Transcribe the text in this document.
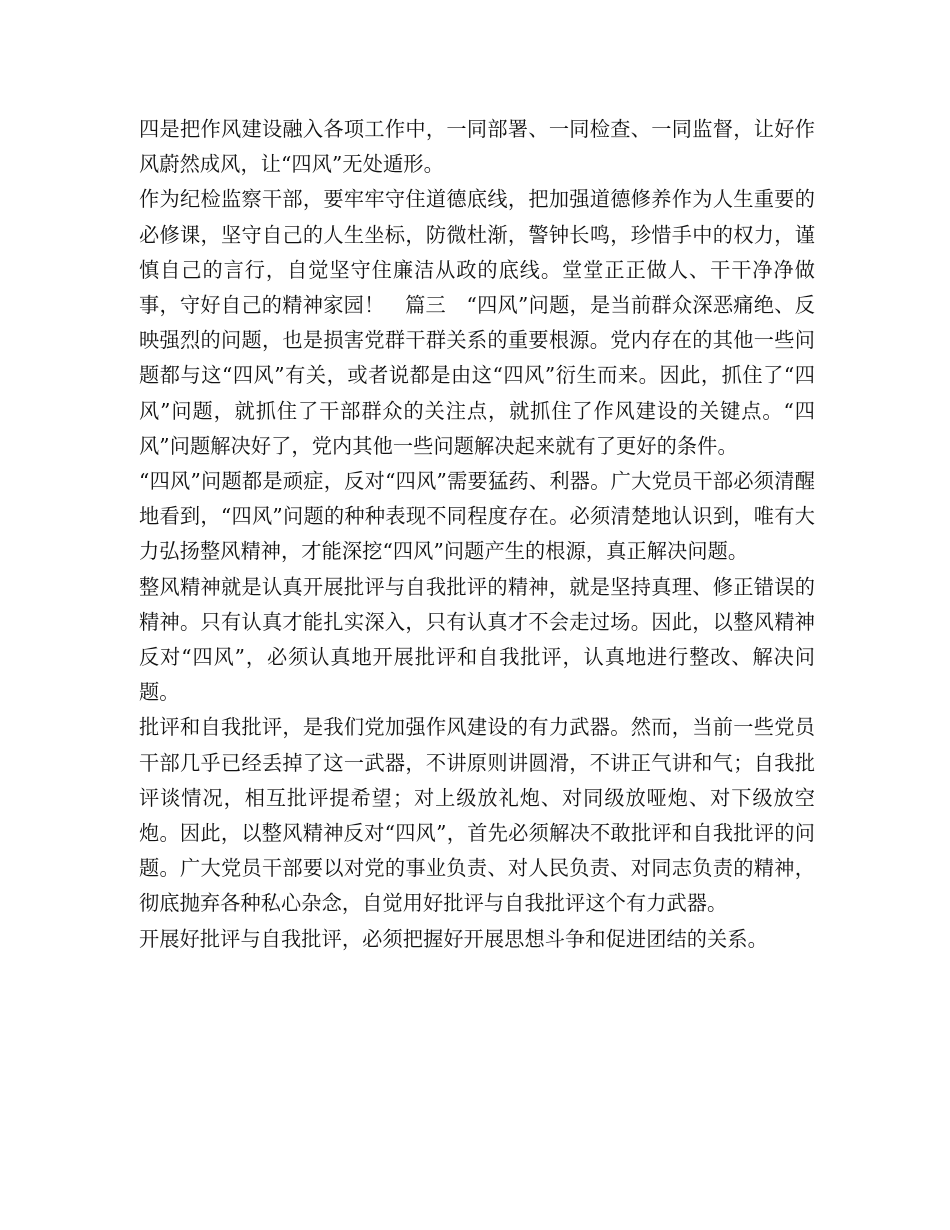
四是把作风建设融入各项工作中，一同部署、一同检查、一同监督，让好作风蔚然成风，让“四风”无处遁形。

作为纪检监察干部，要牢牢守住道德底线，把加强道德修养作为人生重要的必修课，坚守自己的人生坐标，防微杜渐，警钟长鸣，珍惜手中的权力，谨慎自己的言行，自觉坚守住廉洁从政的底线。堂堂正正做人、干干净净做事，守好自己的精神家园！　篇三　“四风”问题，是当前群众深恶痛绝、反映强烈的问题，也是损害党群干群关系的重要根源。党内存在的其他一些问题都与这“四风”有关，或者说都是由这“四风”衍生而来。因此，抓住了“四风”问题，就抓住了干部群众的关注点，就抓住了作风建设的关键点。“四风”问题解决好了，党内其他一些问题解决起来就有了更好的条件。

“四风”问题都是顽症，反对“四风”需要猛药、利器。广大党员干部必须清醒地看到，“四风”问题的种种表现不同程度存在。必须清楚地认识到，唯有大力弘扬整风精神，才能深挖“四风”问题产生的根源，真正解决问题。

整风精神就是认真开展批评与自我批评的精神，就是坚持真理、修正错误的精神。只有认真才能扎实深入，只有认真才不会走过场。因此，以整风精神反对“四风”，必须认真地开展批评和自我批评，认真地进行整改、解决问题。

批评和自我批评，是我们党加强作风建设的有力武器。然而，当前一些党员干部几乎已经丢掉了这一武器，不讲原则讲圆滑，不讲正气讲和气；自我批评谈情况，相互批评提希望；对上级放礼炮、对同级放哑炮、对下级放空炮。因此，以整风精神反对“四风”，首先必须解决不敢批评和自我批评的问题。广大党员干部要以对党的事业负责、对人民负责、对同志负责的精神，彻底抛弃各种私心杂念，自觉用好批评与自我批评这个有力武器。

开展好批评与自我批评，必须把握好开展思想斗争和促进团结的关系。
